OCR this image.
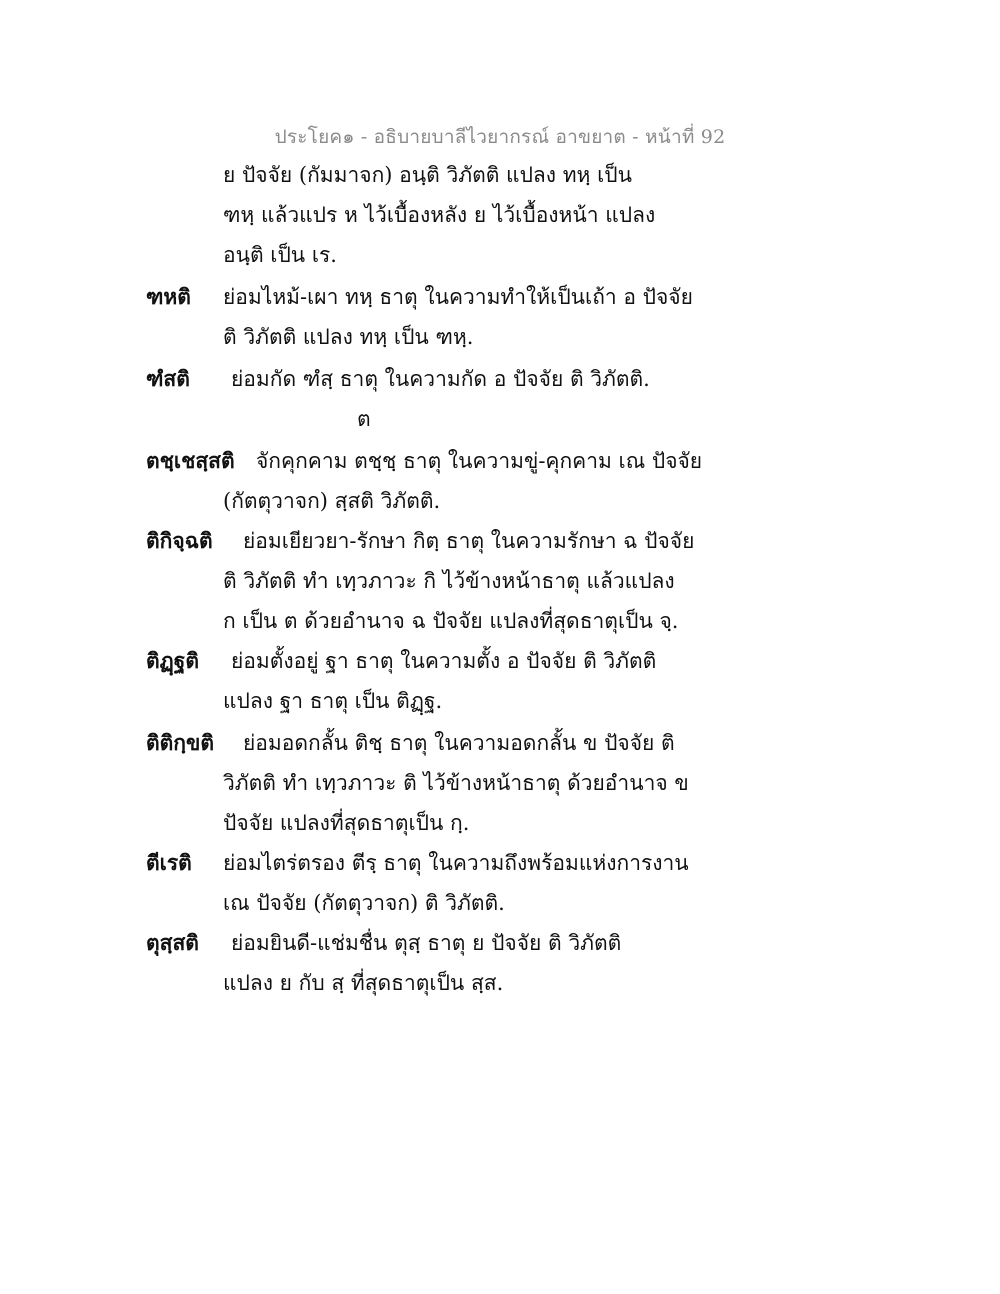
ประโยค๑ - อธิบายบาลีไวยากรณ์ อาขยาต - หน้าที่ 92
ย ปัจจัย (กัมมาจก) อนฺติ วิภัตติ แปลง ทหฺ เป็น
ฑหฺ แล้วแปร ห ไว้เบื้องหลัง ย ไว้เบื้องหน้า แปลง
อนฺติ เป็น เร.
ฑหติ ย่อมไหม้-เผา ทหฺ ธาตุ ในความทำให้เป็นเถ้า อ ปัจจัย
ติ วิภัตติ แปลง ทหฺ เป็น ฑหฺ.
ฑํสติ ย่อมกัด ฑํสฺ ธาตุ ในความกัด อ ปัจจัย ติ วิภัตติ.
ต
ตชฺเชสฺสติ จักคุกคาม ตชฺชฺ ธาตุ ในความขู่-คุกคาม เณ ปัจจัย
(กัตตุวาจก) สฺสติ วิภัตติ.
ติกิจฺฉติ ย่อมเยียวยา-รักษา กิตฺ ธาตุ ในความรักษา ฉ ปัจจัย
ติ วิภัตติ ทำ เทฺวภาวะ กิ ไว้ข้างหน้าธาตุ แล้วแปลง
ก เป็น ต ด้วยอำนาจ ฉ ปัจจัย แปลงที่สุดธาตุเป็น จฺ.
ติฏฺฐติ ย่อมตั้งอยู่ ฐา ธาตุ ในความตั้ง อ ปัจจัย ติ วิภัตติ
แปลง ฐา ธาตุ เป็น ติฏฺฐ.
ติติกฺขติ ย่อมอดกลั้น ติชฺ ธาตุ ในความอดกลั้น ข ปัจจัย ติ
วิภัตติ ทำ เทฺวภาวะ ติ ไว้ข้างหน้าธาตุ ด้วยอำนาจ ข
ปัจจัย แปลงที่สุดธาตุเป็น กฺ.
ตีเรติ ย่อมไตร่ตรอง ตีรฺ ธาตุ ในความถึงพร้อมแห่งการงาน
เณ ปัจจัย (กัตตุวาจก) ติ วิภัตติ.
ตุสฺสติ ย่อมยินดี-แช่มชื่น ตุสฺ ธาตุ ย ปัจจัย ติ วิภัตติ
แปลง ย กับ สฺ ที่สุดธาตุเป็น สฺส.
